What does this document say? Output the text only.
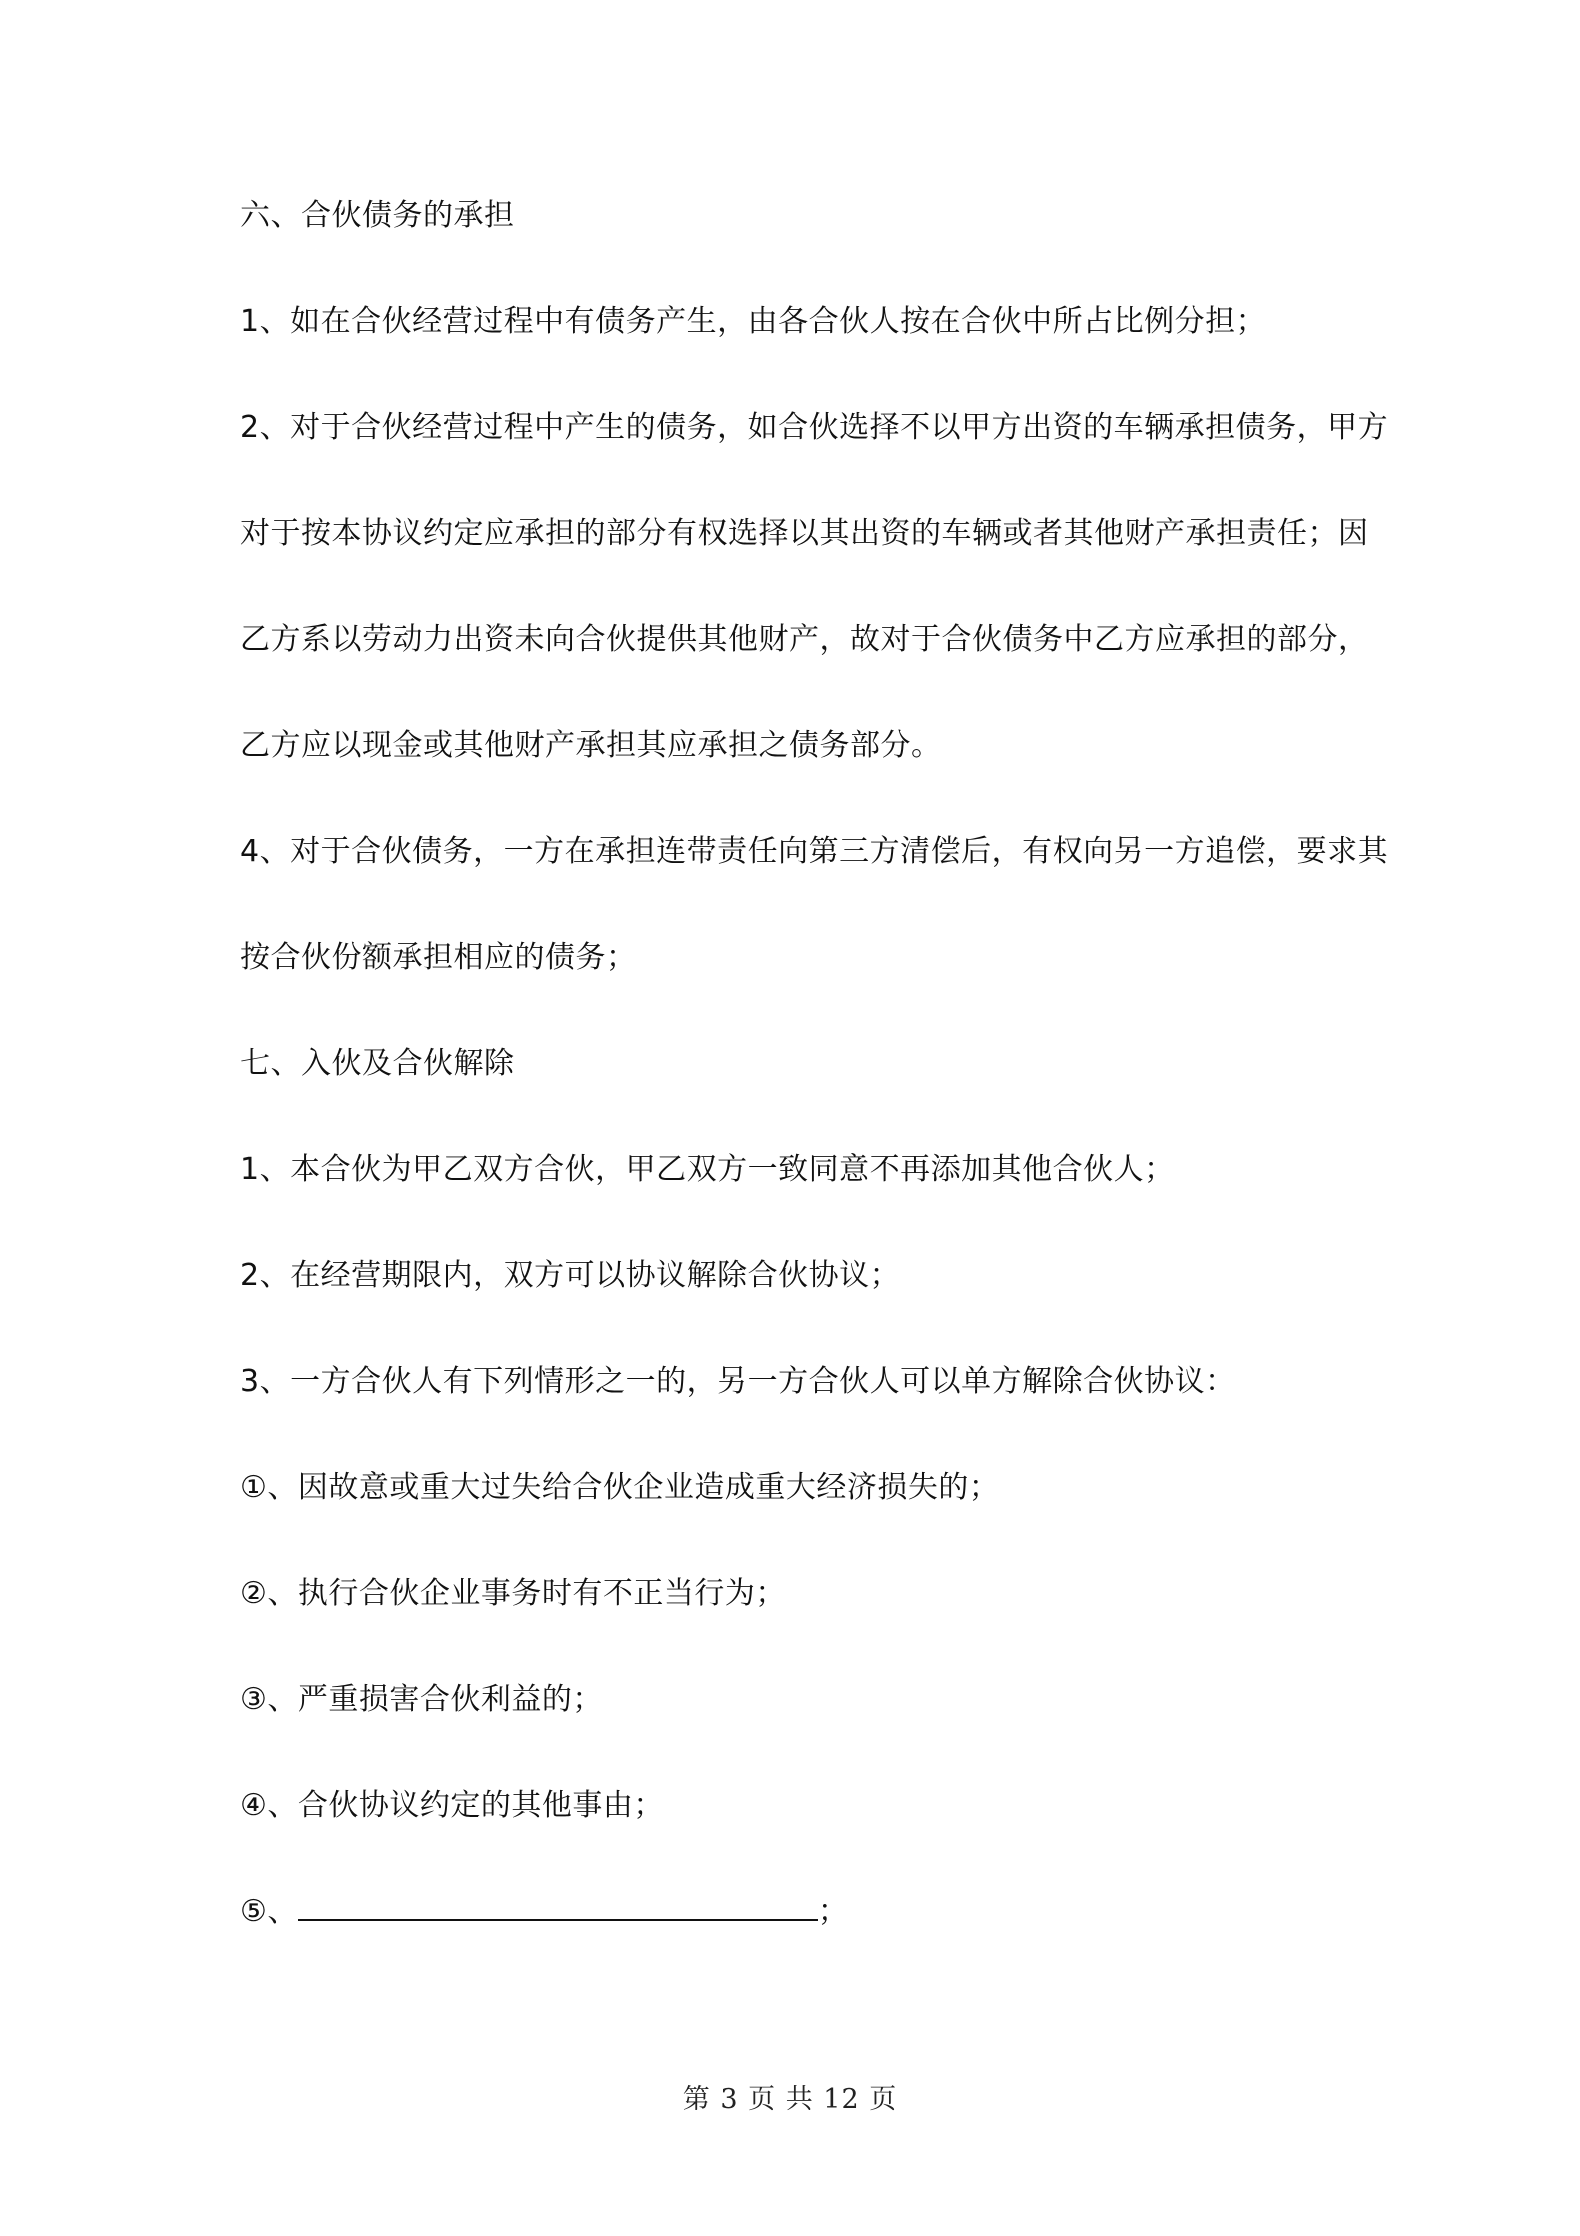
六、合伙债务的承担

1、如在合伙经营过程中有债务产生，由各合伙人按在合伙中所占比例分担；

2、对于合伙经营过程中产生的债务，如合伙选择不以甲方出资的车辆承担债务，甲方

对于按本协议约定应承担的部分有权选择以其出资的车辆或者其他财产承担责任；因

乙方系以劳动力出资未向合伙提供其他财产，故对于合伙债务中乙方应承担的部分，

乙方应以现金或其他财产承担其应承担之债务部分。

4、对于合伙债务，一方在承担连带责任向第三方清偿后，有权向另一方追偿，要求其

按合伙份额承担相应的债务；

七、入伙及合伙解除

1、本合伙为甲乙双方合伙，甲乙双方一致同意不再添加其他合伙人；

2、在经营期限内，双方可以协议解除合伙协议；

3、一方合伙人有下列情形之一的，另一方合伙人可以单方解除合伙协议：

①、因故意或重大过失给合伙企业造成重大经济损失的；

②、执行合伙企业事务时有不正当行为；

③、严重损害合伙利益的；

④、合伙协议约定的其他事由；

⑤、	；

第 3 页 共 12 页
